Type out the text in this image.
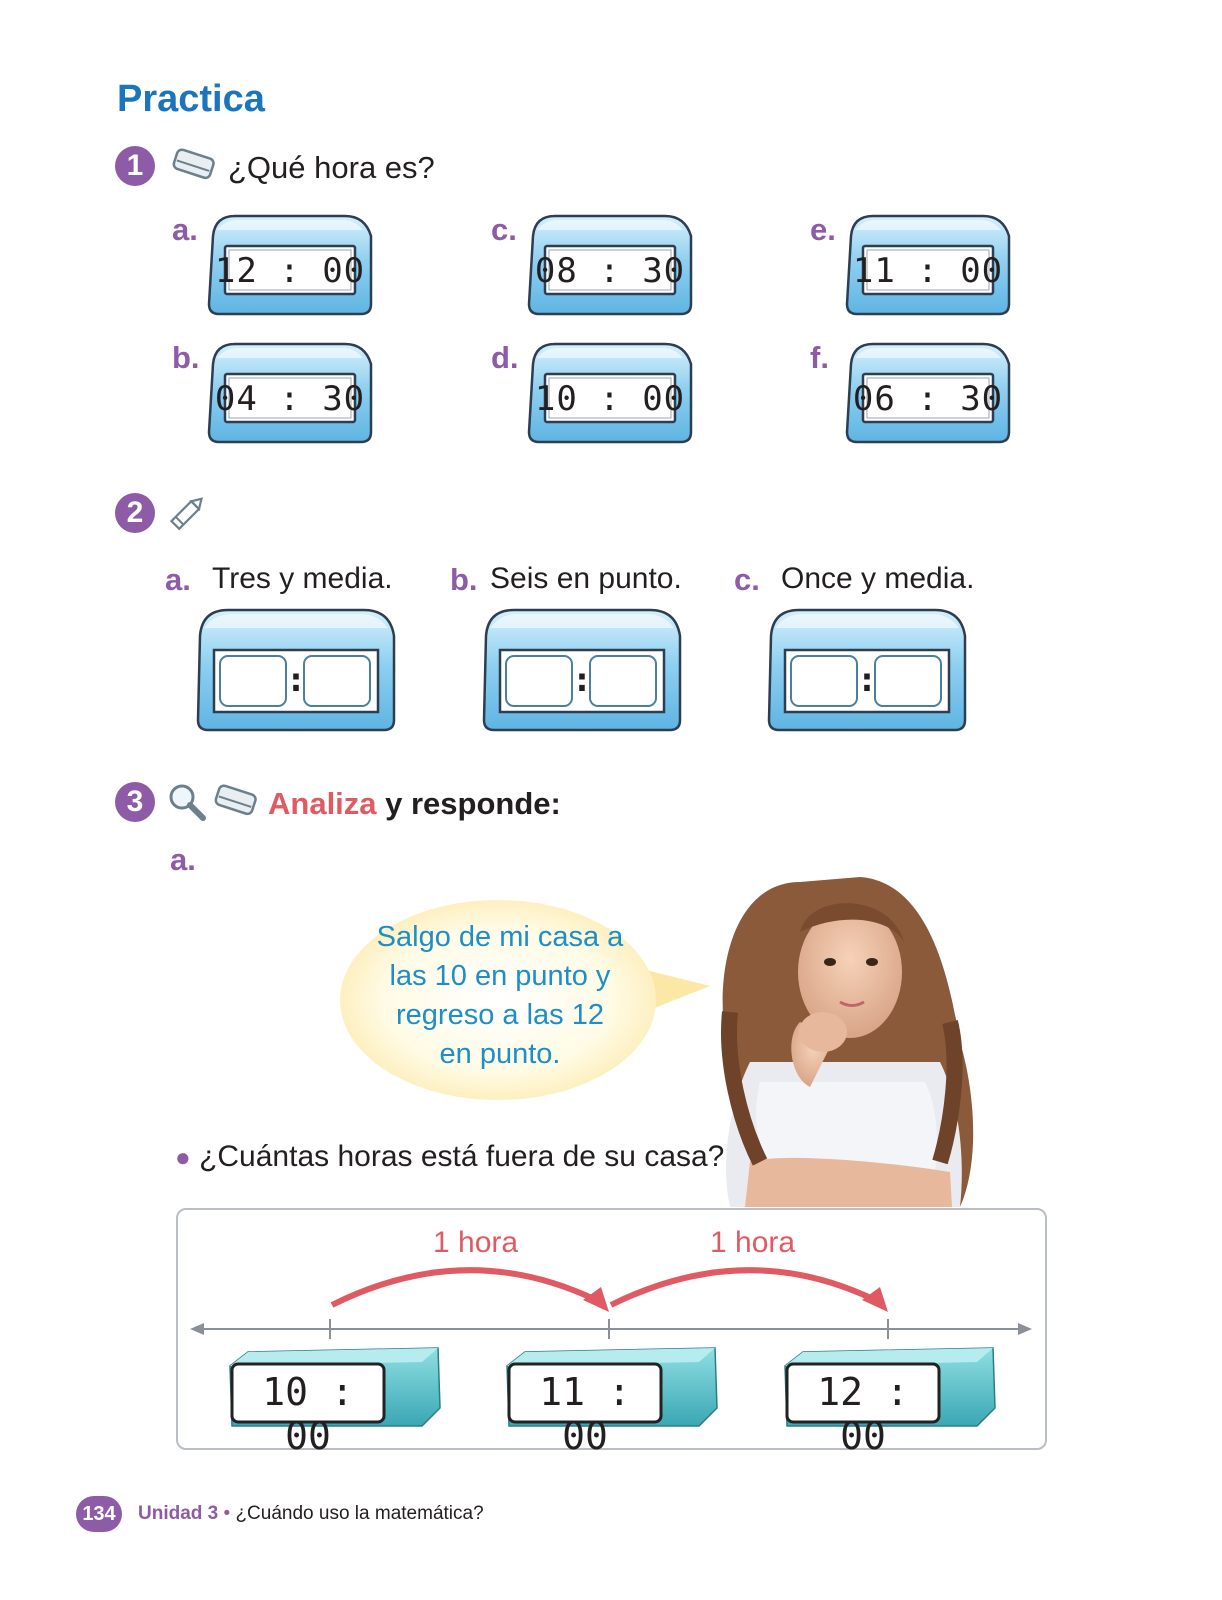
Practica
1	¿Qué hora es?
a.
12 : 00
b.
04 : 30
c.
08 : 30
d.
10 : 00
e.
11 : 00
f.
06 : 30
2
a. Tres y media.
:
b. Seis en punto.
:
c. Once y media.
:
3	Analiza y responde:
a.
Salgo de mi casa a
las 10 en punto y
regreso a las 12
en punto.
● ¿Cuántas horas está fuera de su casa?
1 hora	1 hora
10 : 00
11 : 00
12 : 00
134	Unidad 3 • ¿Cuándo uso la matemática?
